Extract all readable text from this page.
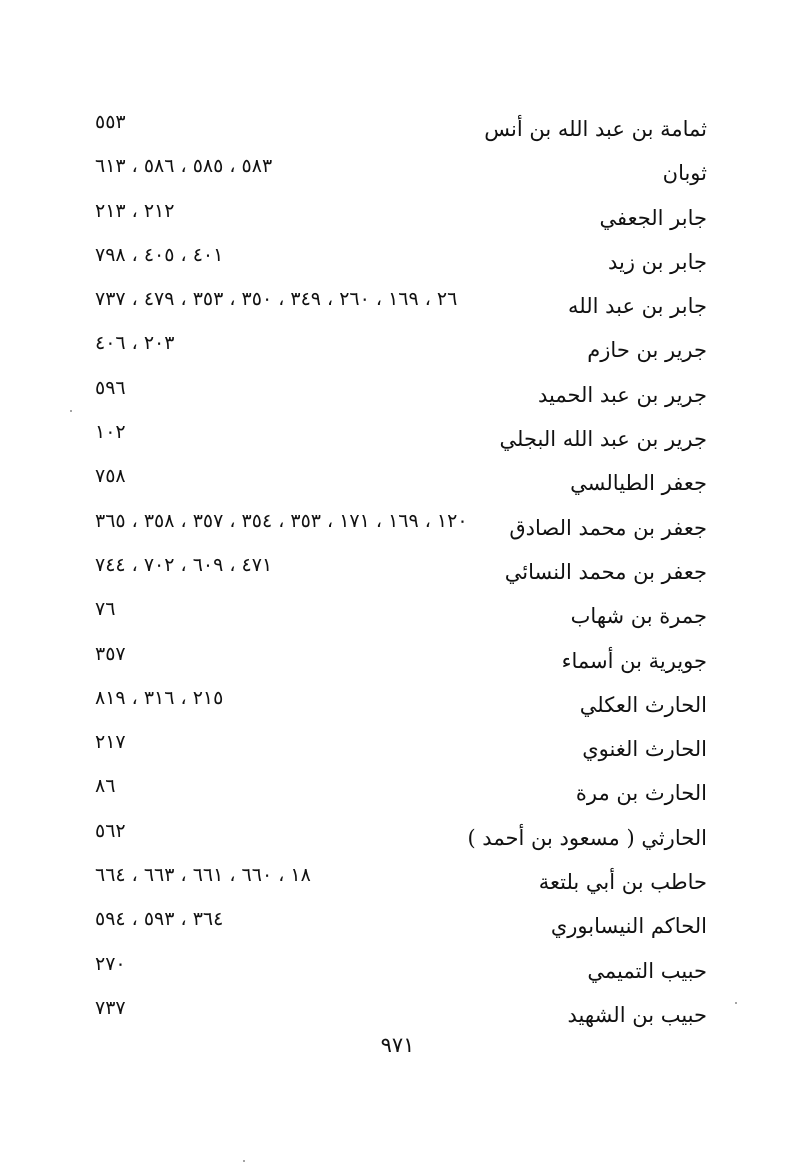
ثمامة بن عبد الله بن أنس
٥٥٣
ثوبان
٥٨٣ ، ٥٨٥ ، ٥٨٦ ، ٦١٣
جابر الجعفي
٢١٢ ، ٢١٣
جابر بن زيد
٤٠١ ، ٤٠٥ ، ٧٩٨
جابر بن عبد الله
٢٦ ، ١٦٩ ، ٢٦٠ ، ٣٤٩ ، ٣٥٠ ، ٣٥٣ ، ٤٧٩ ، ٧٣٧
جرير بن حازم
٢٠٣ ، ٤٠٦
جرير بن عبد الحميد
٥٩٦
جرير بن عبد الله البجلي
١٠٢
جعفر الطيالسي
٧٥٨
جعفر بن محمد الصادق
١٢٠ ، ١٦٩ ، ١٧١ ، ٣٥٣ ، ٣٥٤ ، ٣٥٧ ، ٣٥٨ ، ٣٦٥
جعفر بن محمد النسائي
٤٧١ ، ٦٠٩ ، ٧٠٢ ، ٧٤٤
جمرة بن شهاب
٧٦
جويرية بن أسماء
٣٥٧
الحارث العكلي
٢١٥ ، ٣١٦ ، ٨١٩
الحارث الغنوي
٢١٧
الحارث بن مرة
٨٦
الحارثي ( مسعود بن أحمد )
٥٦٢
حاطب بن أبي بلتعة
١٨ ، ٦٦٠ ، ٦٦١ ، ٦٦٣ ، ٦٦٤
الحاكم النيسابوري
٣٦٤ ، ٥٩٣ ، ٥٩٤
حبيب التميمي
٢٧٠
حبيب بن الشهيد
٧٣٧
٩٧١
